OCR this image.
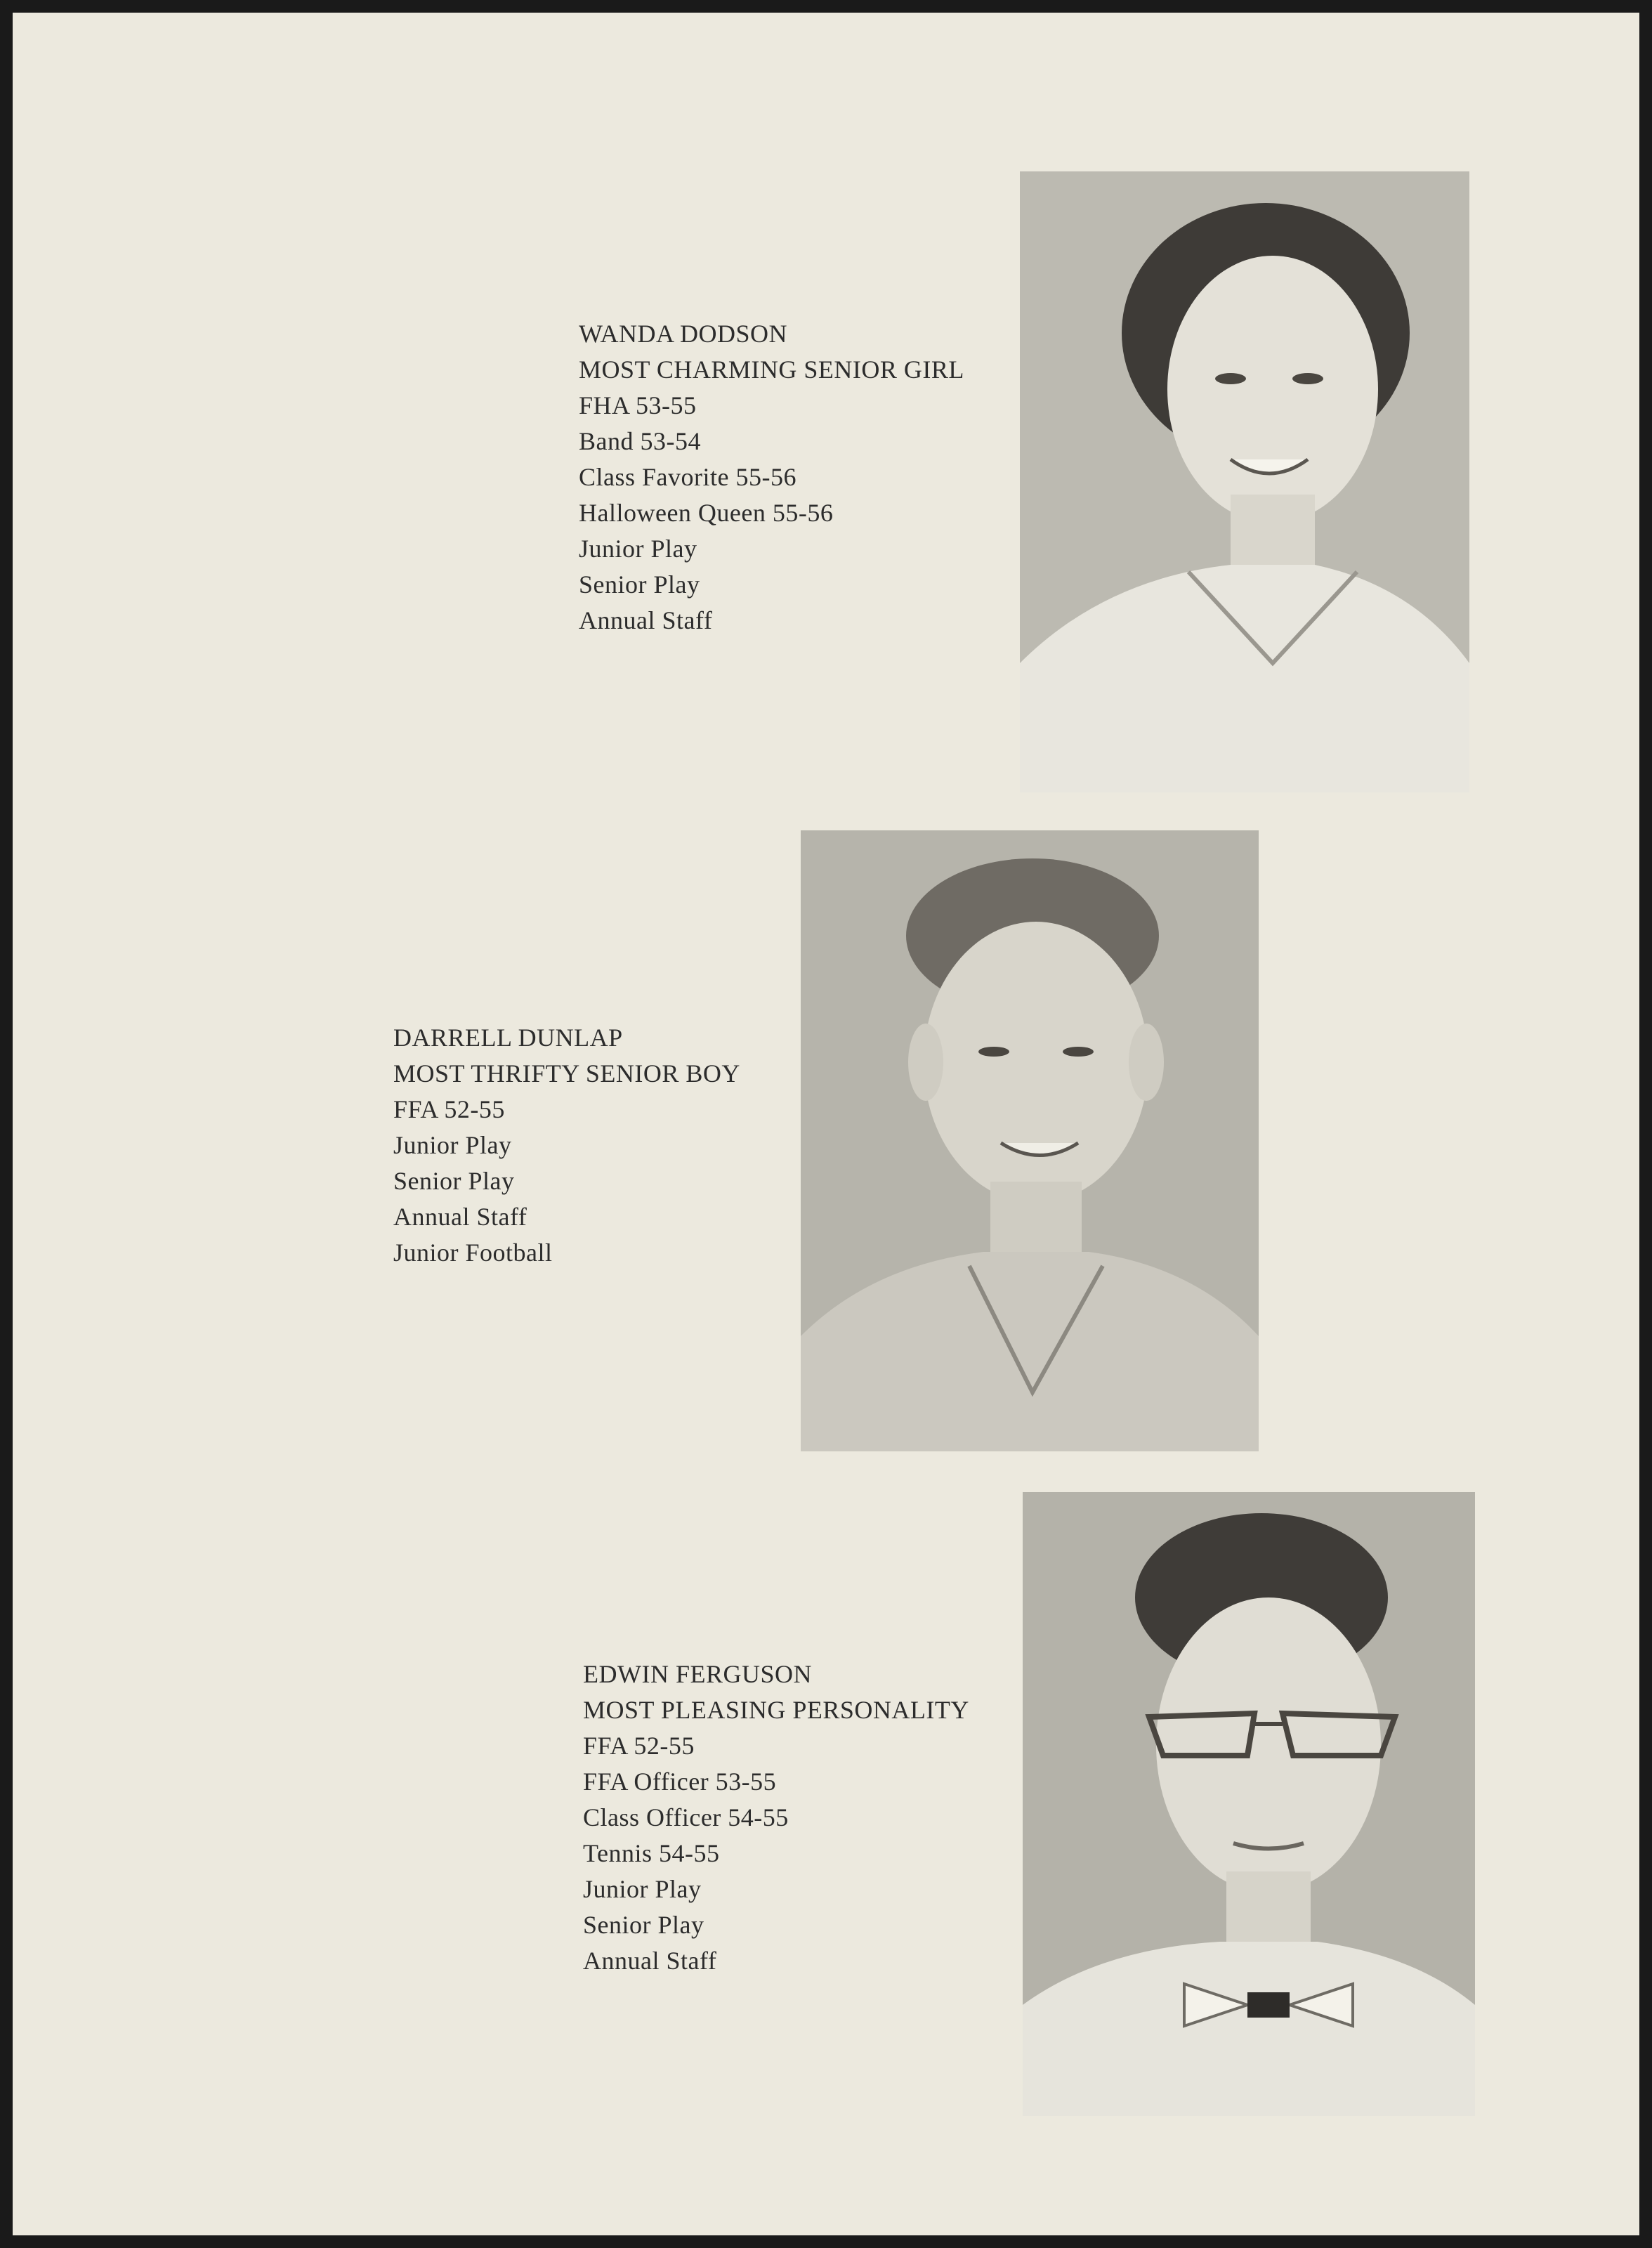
WANDA DODSON
MOST CHARMING SENIOR GIRL
FHA 53-55
Band 53-54
Class Favorite 55-56
Halloween Queen 55-56
Junior Play
Senior Play
Annual Staff
DARRELL DUNLAP
MOST THRIFTY SENIOR BOY
FFA 52-55
Junior Play
Senior Play
Annual Staff
Junior Football
EDWIN FERGUSON
MOST PLEASING PERSONALITY
FFA 52-55
FFA Officer 53-55
Class Officer 54-55
Tennis 54-55
Junior Play
Senior Play
Annual Staff
